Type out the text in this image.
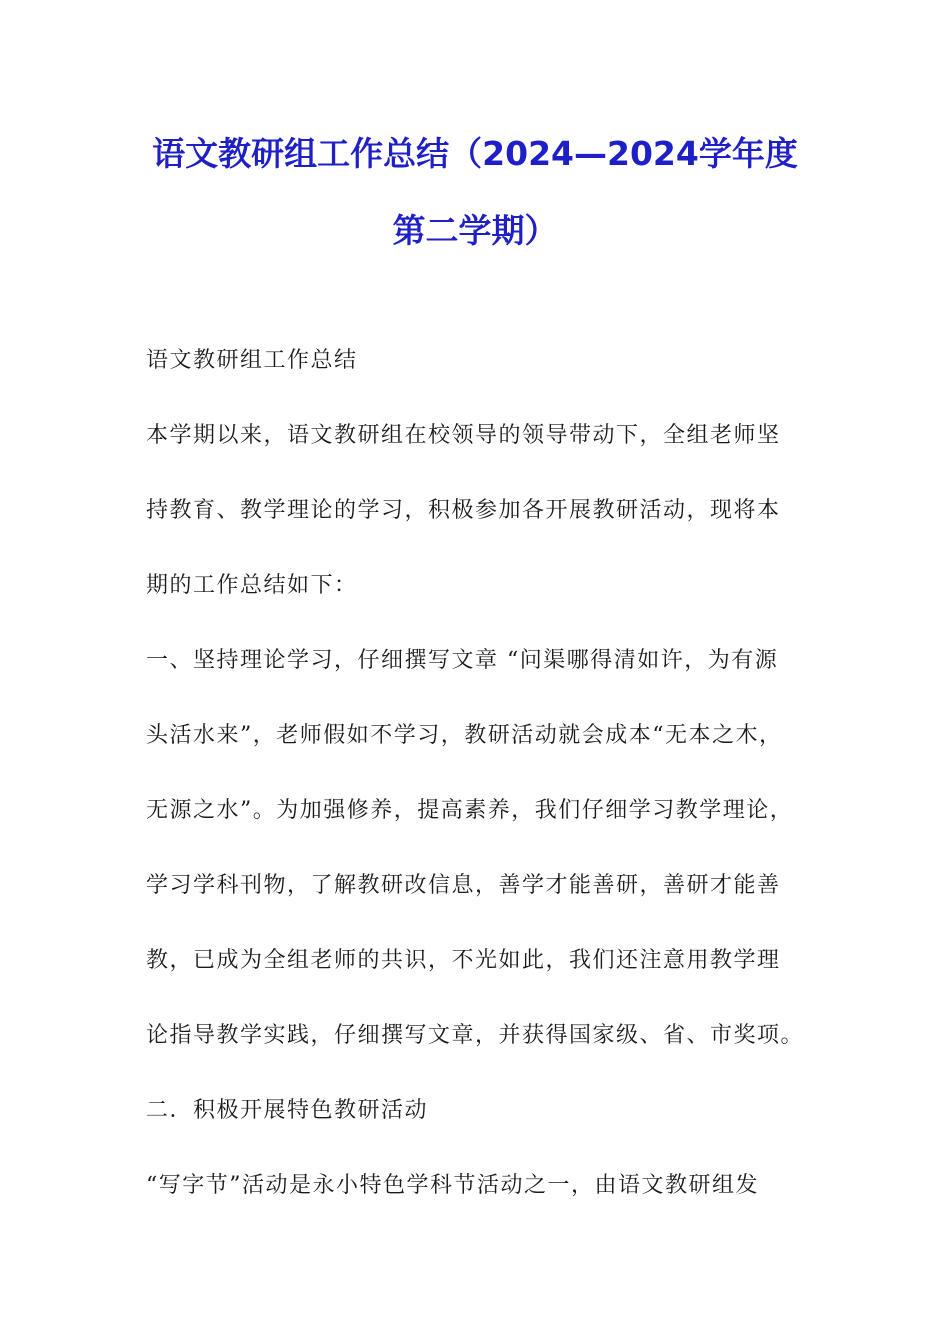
语文教研组工作总结（2024—2024学年度
第二学期）
语文教研组工作总结
本学期以来，语文教研组在校领导的领导带动下，全组老师坚
持教育、教学理论的学习，积极参加各开展教研活动，现将本
期的工作总结如下：
一、坚持理论学习，仔细撰写文章 “问渠哪得清如许，为有源
头活水来”，老师假如不学习，教研活动就会成本“无本之木，
无源之水”。为加强修养，提高素养，我们仔细学习教学理论，
学习学科刊物，了解教研改信息，善学才能善研，善研才能善
教，已成为全组老师的共识，不光如此，我们还注意用教学理
论指导教学实践，仔细撰写文章，并获得国家级、省、市奖项。
二．积极开展特色教研活动
“写字节”活动是永小特色学科节活动之一，由语文教研组发
